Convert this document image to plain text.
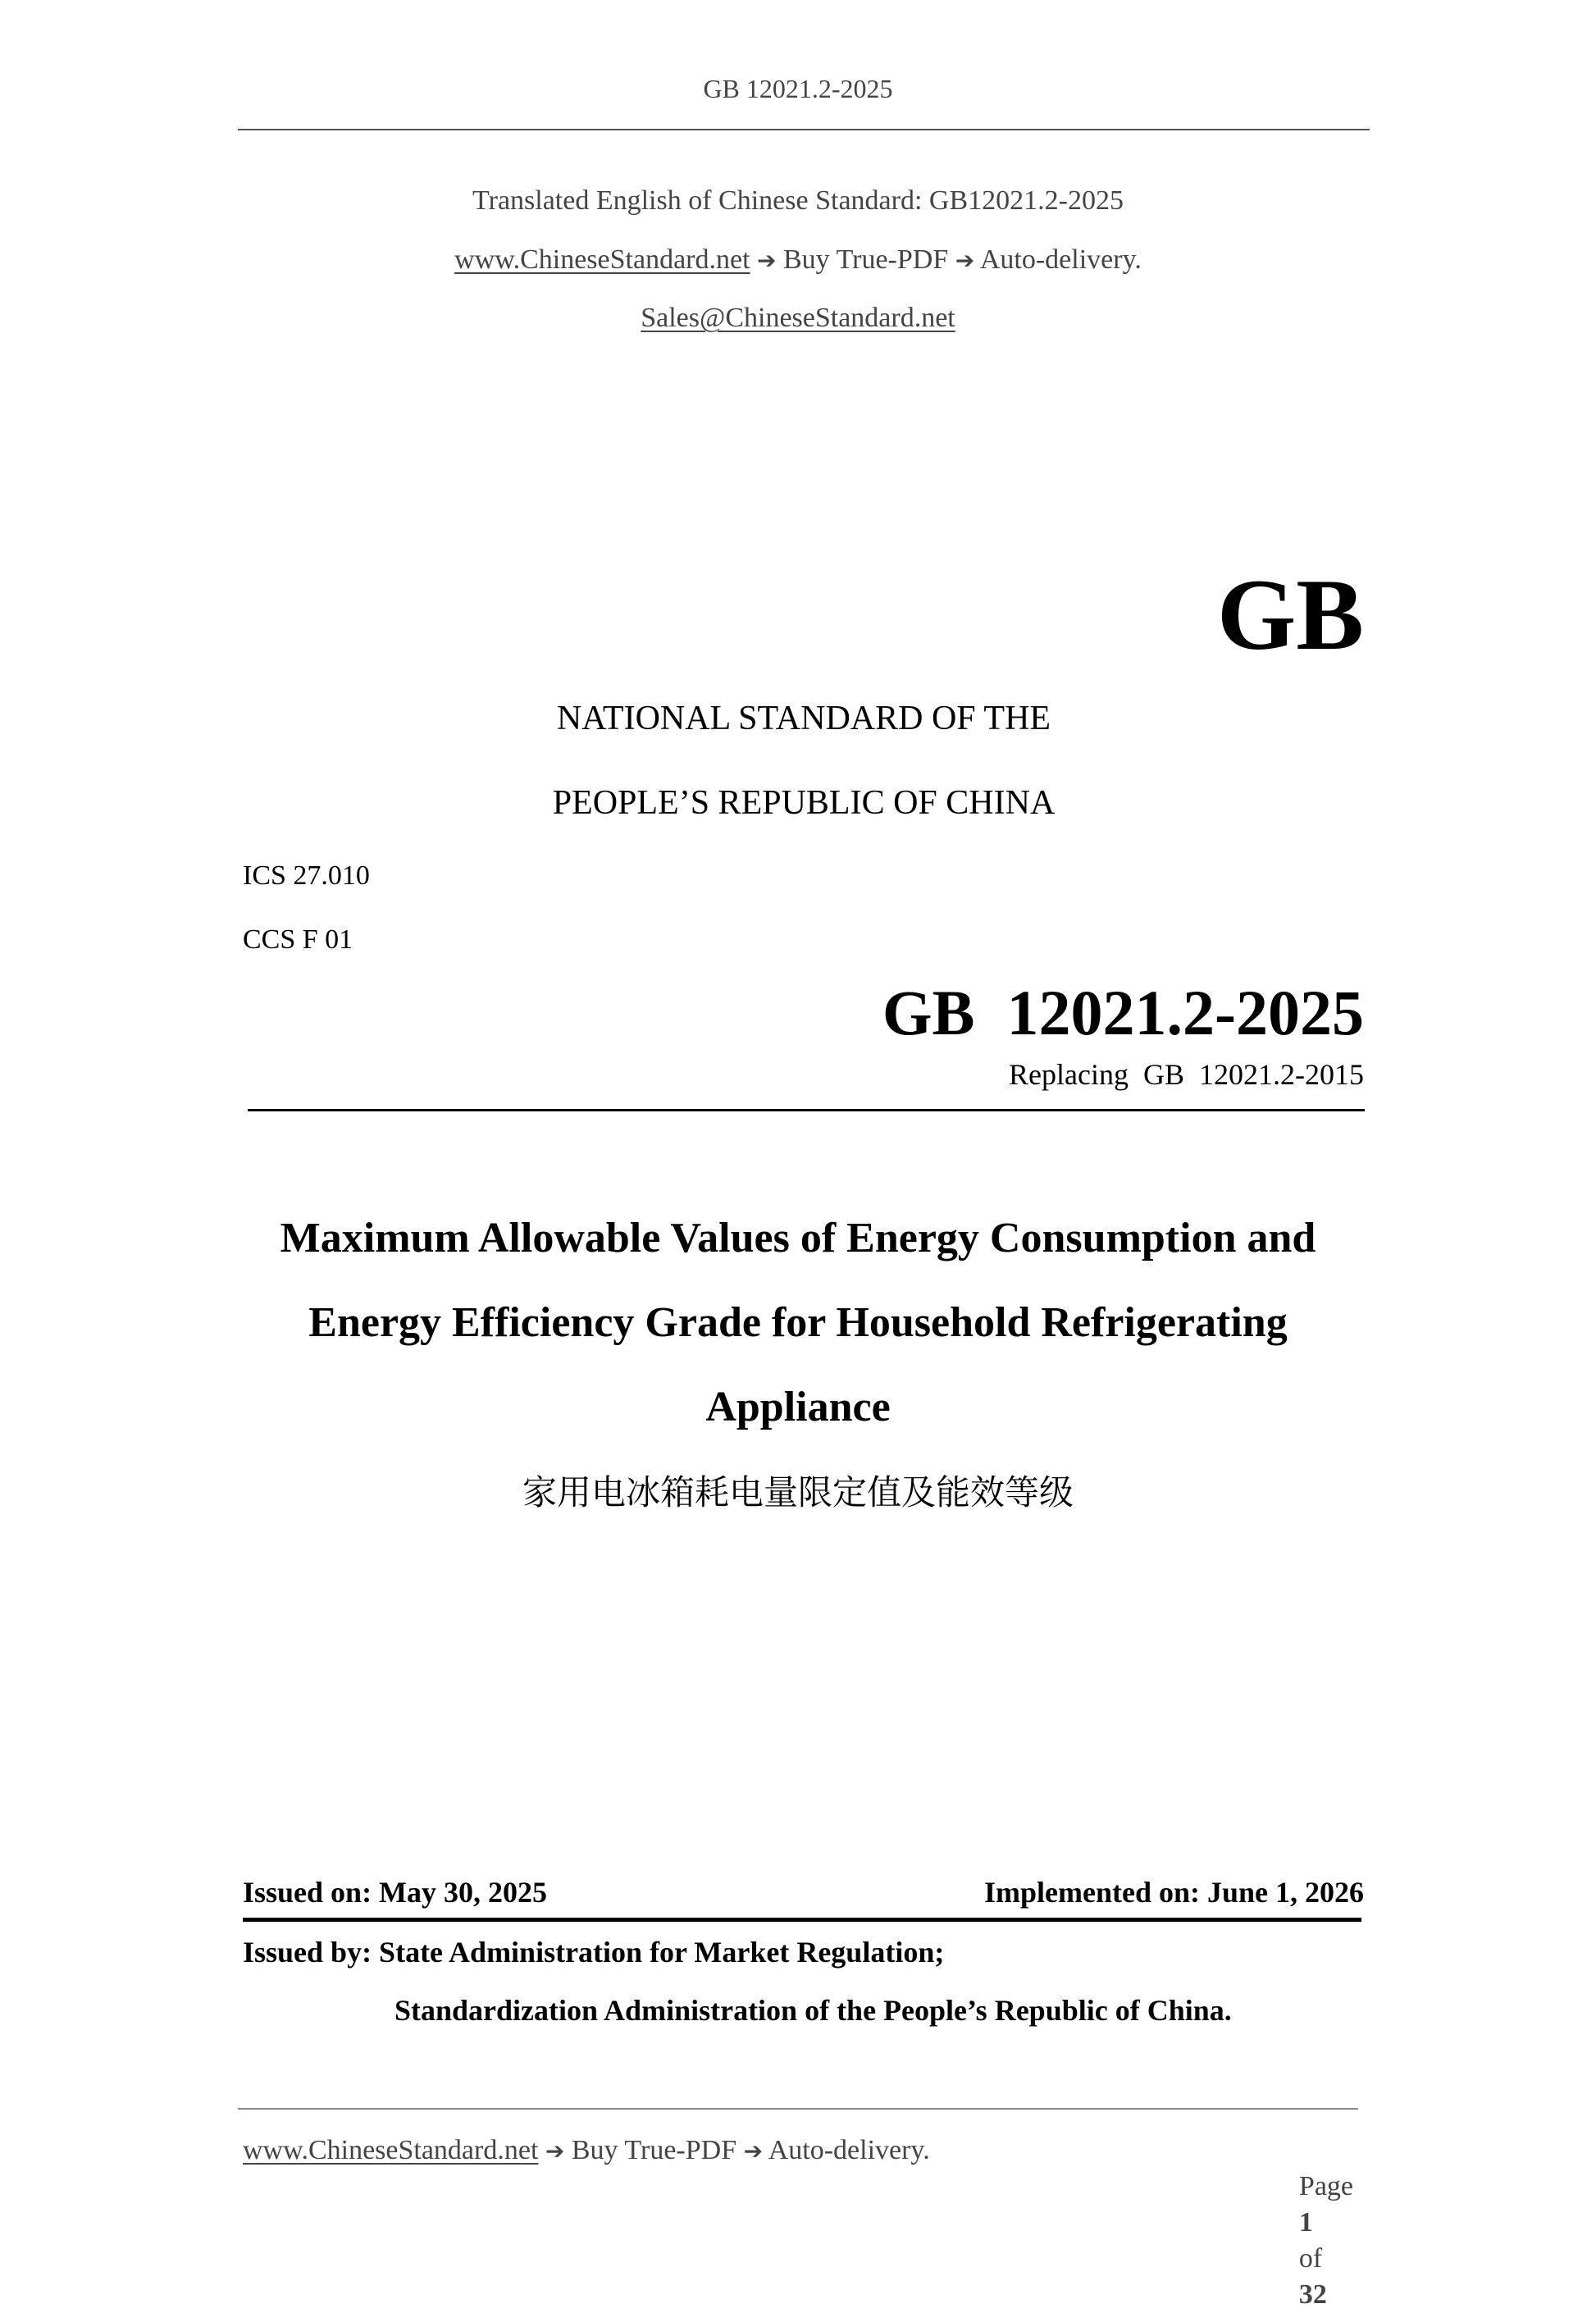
GB 12021.2-2025
Translated English of Chinese Standard: GB12021.2-2025
www.ChineseStandard.net ➔ Buy True-PDF ➔ Auto-delivery.
Sales@ChineseStandard.net
GB
NATIONAL STANDARD OF THE
PEOPLE’S REPUBLIC OF CHINA
ICS 27.010
CCS F 01
GB  12021.2-2025
Replacing  GB  12021.2-2015
Maximum Allowable Values of Energy Consumption and
Energy Efficiency Grade for Household Refrigerating
Appliance
家用电冰箱耗电量限定值及能效等级
Issued on: May 30, 2025	Implemented on: June 1, 2026
Issued by: State Administration for Market Regulation;
Standardization Administration of the People’s Republic of China.
www.ChineseStandard.net ➔ Buy True-PDF ➔ Auto-delivery.

Page
1
of
32
